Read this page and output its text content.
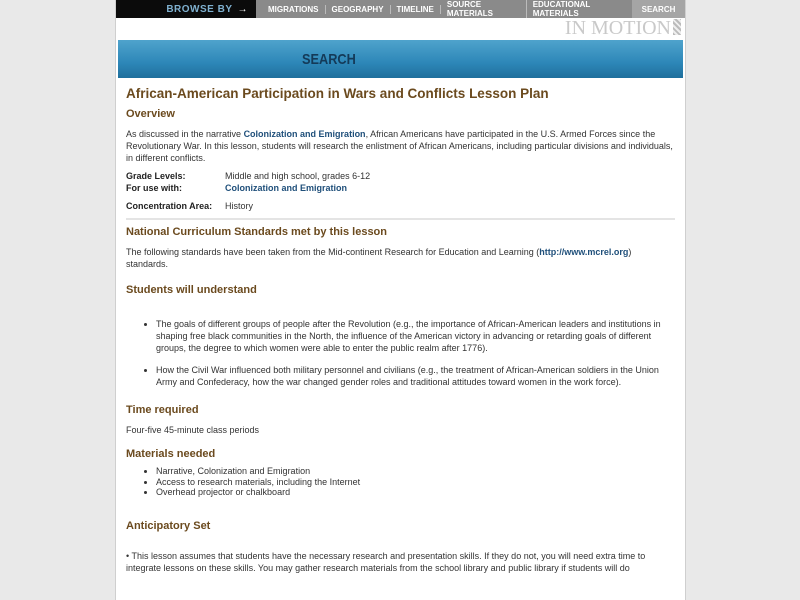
BROWSE BY →	MIGRATIONS	GEOGRAPHY	TIMELINE	SOURCE MATERIALS
EDUCATIONAL MATERIALS	SEARCH
IN MOTION
SEARCH
African-American Participation in Wars and Conflicts Lesson Plan
Overview

As discussed in the narrative Colonization and Emigration, African Americans have participated in the U.S. Armed Forces since the Revolutionary War. In this lesson, students will research the enlistment of African Americans, including particular divisions and individuals, in different conflicts.

Grade Levels:	Middle and high school, grades 6-12
For use with:	Colonization and Emigration
Concentration Area:	History
National Curriculum Standards met by this lesson

The following standards have been taken from the Mid-continent Research for Education and Learning (http://www.mcrel.org) standards.

Students will understand
• The goals of different groups of people after the Revolution (e.g., the importance of African-American leaders and institutions in shaping free black communities in the North, the influence of the American victory in advancing or retarding goals of different groups, the degree to which women were able to enter the public realm after 1776).
• How the Civil War influenced both military personnel and civilians (e.g., the treatment of African-American soldiers in the Union Army and Confederacy, how the war changed gender roles and traditional attitudes toward women in the work force).
Time required

Four-five 45-minute class periods

Materials needed
• Narrative, Colonization and Emigration
• Access to research materials, including the Internet
• Overhead projector or chalkboard
Anticipatory Set

• This lesson assumes that students have the necessary research and presentation skills. If they do not, you will need extra time to integrate lessons on these skills. You may gather research materials from the school library and public library if students will do
